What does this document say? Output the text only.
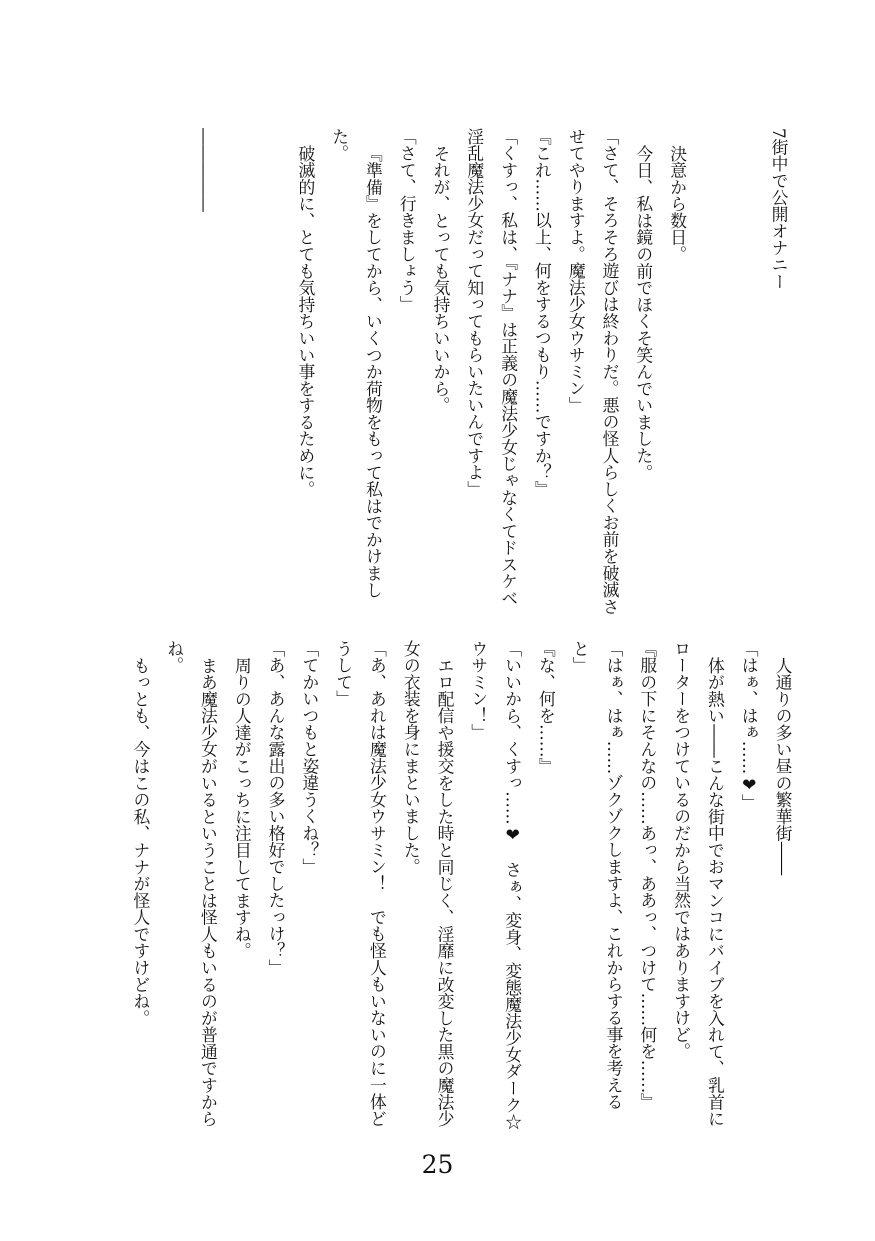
7街中で公開オナニー
決意から数日。
今日、私は鏡の前でほくそ笑んでいました。
「さて、そろそろ遊びは終わりだ。悪の怪人らしくお前を破滅さ
せてやりますよ。魔法少女ウサミン」
『これ……以上、何をするつもり……ですか？』
「くすっ、私は、『ナナ』は正義の魔法少女じゃなくてドスケベ
淫乱魔法少女だって知ってもらいたいんですよ」
それが、とっても気持ちいいから。
「さて、行きましょう」
『準備』をしてから、いくつか荷物をもって私はでかけまし
た。
破滅的に、とても気持ちいい事をするために。
―――――
人通りの多い昼の繁華街――
「はぁ、はぁ……❤」
体が熱い――こんな街中でおマンコにバイブを入れて、乳首に
ローターをつけているのだから当然ではありますけど。
『服の下にそんなの……あっ、ああっ、つけて……何を……』
「はぁ、はぁ……ゾクゾクしますよ、これからする事を考える
と」
『な、何を……』
「いいから、くすっ……❤　さぁ、変身、変態魔法少女ダーク☆
ウサミン！」
エロ配信や援交をした時と同じく、淫靡に改変した黒の魔法少
女の衣装を身にまといました。
「あ、あれは魔法少女ウサミン！　でも怪人もいないのに一体ど
うして」
「てかいつもと姿違うくね？」
「あ、あんな露出の多い格好でしたっけ？」
周りの人達がこっちに注目してますね。
まあ魔法少女がいるということは怪人もいるのが普通ですから
ね。
もっとも、今はこの私、ナナが怪人ですけどね。
25
